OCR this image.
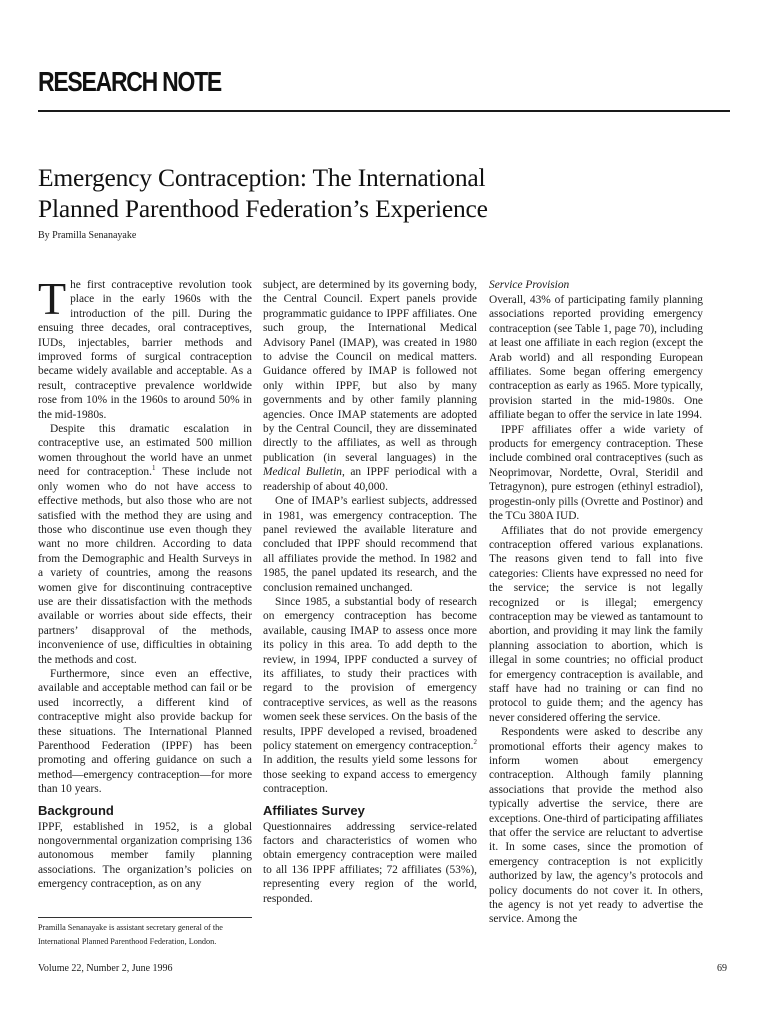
RESEARCH NOTE
Emergency Contraception: The International
Planned Parenthood Federation’s Experience

By Pramilla Senanayake

The first contraceptive revolution took place in the early 1960s with the introduction of the pill. During the ensuing three decades, oral contraceptives, IUDs, injectables, barrier methods and improved forms of surgical contraception became widely available and acceptable. As a result, contraceptive prevalence worldwide rose from 10% in the 1960s to around 50% in the mid-1980s.

Despite this dramatic escalation in contraceptive use, an estimated 500 million women throughout the world have an unmet need for contraception.$^1$ These include not only women who do not have access to effective methods, but also those who are not satisfied with the method they are using and those who discontinue use even though they want no more children. According to data from the Demographic and Health Surveys in a variety of countries, among the reasons women give for discontinuing contraceptive use are their dissatisfaction with the methods available or worries about side effects, their partners’ disapproval of the methods, inconvenience of use, difficulties in obtaining the methods and cost.

Furthermore, since even an effective, available and acceptable method can fail or be used incorrectly, a different kind of contraceptive might also provide backup for these situations. The International Planned Parenthood Federation (IPPF) has been promoting and offering guidance on such a method—emergency contraception—for more than 10 years.

Background

IPPF, established in 1952, is a global nongovernmental organization comprising 136 autonomous member family planning associations. The organization’s policies on emergency contraception, as on any

subject, are determined by its governing body, the Central Council. Expert panels provide programmatic guidance to IPPF affiliates. One such group, the International Medical Advisory Panel (IMAP), was created in 1980 to advise the Council on medical matters. Guidance offered by IMAP is followed not only within IPPF, but also by many governments and by other family planning agencies. Once IMAP statements are adopted by the Central Council, they are disseminated directly to the affiliates, as well as through publication (in several languages) in the Medical Bulletin, an IPPF periodical with a readership of about 40,000.

One of IMAP’s earliest subjects, addressed in 1981, was emergency contraception. The panel reviewed the available literature and concluded that IPPF should recommend that all affiliates provide the method. In 1982 and 1985, the panel updated its research, and the conclusion remained unchanged.

Since 1985, a substantial body of research on emergency contraception has become available, causing IMAP to assess once more its policy in this area. To add depth to the review, in 1994, IPPF conducted a survey of its affiliates, to study their practices with regard to the provision of emergency contraceptive services, as well as the reasons women seek these services. On the basis of the results, IPPF developed a revised, broadened policy statement on emergency contraception.$^2$ In addition, the results yield some lessons for those seeking to expand access to emergency contraception.

Affiliates Survey

Questionnaires addressing service-related factors and characteristics of women who obtain emergency contraception were mailed to all 136 IPPF affiliates; 72 affiliates (53%), representing every region of the world, responded.

Service Provision

Overall, 43% of participating family planning associations reported providing emergency contraception (see Table 1, page 70), including at least one affiliate in each region (except the Arab world) and all responding European affiliates. Some began offering emergency contraception as early as 1965. More typically, provision started in the mid-1980s. One affiliate began to offer the service in late 1994.

IPPF affiliates offer a wide variety of products for emergency contraception. These include combined oral contraceptives (such as Neoprimovar, Nordette, Ovral, Steridil and Tetragynon), pure estrogen (ethinyl estradiol), progestin-only pills (Ovrette and Postinor) and the TCu 380A IUD.

Affiliates that do not provide emergency contraception offered various explanations. The reasons given tend to fall into five categories: Clients have expressed no need for the service; the service is not legally recognized or is illegal; emergency contraception may be viewed as tantamount to abortion, and providing it may link the family planning association to abortion, which is illegal in some countries; no official product for emergency contraception is available, and staff have had no training or can find no protocol to guide them; and the agency has never considered offering the service.

Respondents were asked to describe any promotional efforts their agency makes to inform women about emergency contraception. Although family planning associations that provide the method also typically advertise the service, there are exceptions. One-third of participating affiliates that offer the service are reluctant to advertise it. In some cases, since the promotion of emergency contraception is not explicitly authorized by law, the agency’s protocols and policy documents do not cover it. In others, the agency is not yet ready to advertise the service. Among the

Pramilla Senanayake is assistant secretary general of the International Planned Parenthood Federation, London.

Volume 22, Number 2, June 1996	69
